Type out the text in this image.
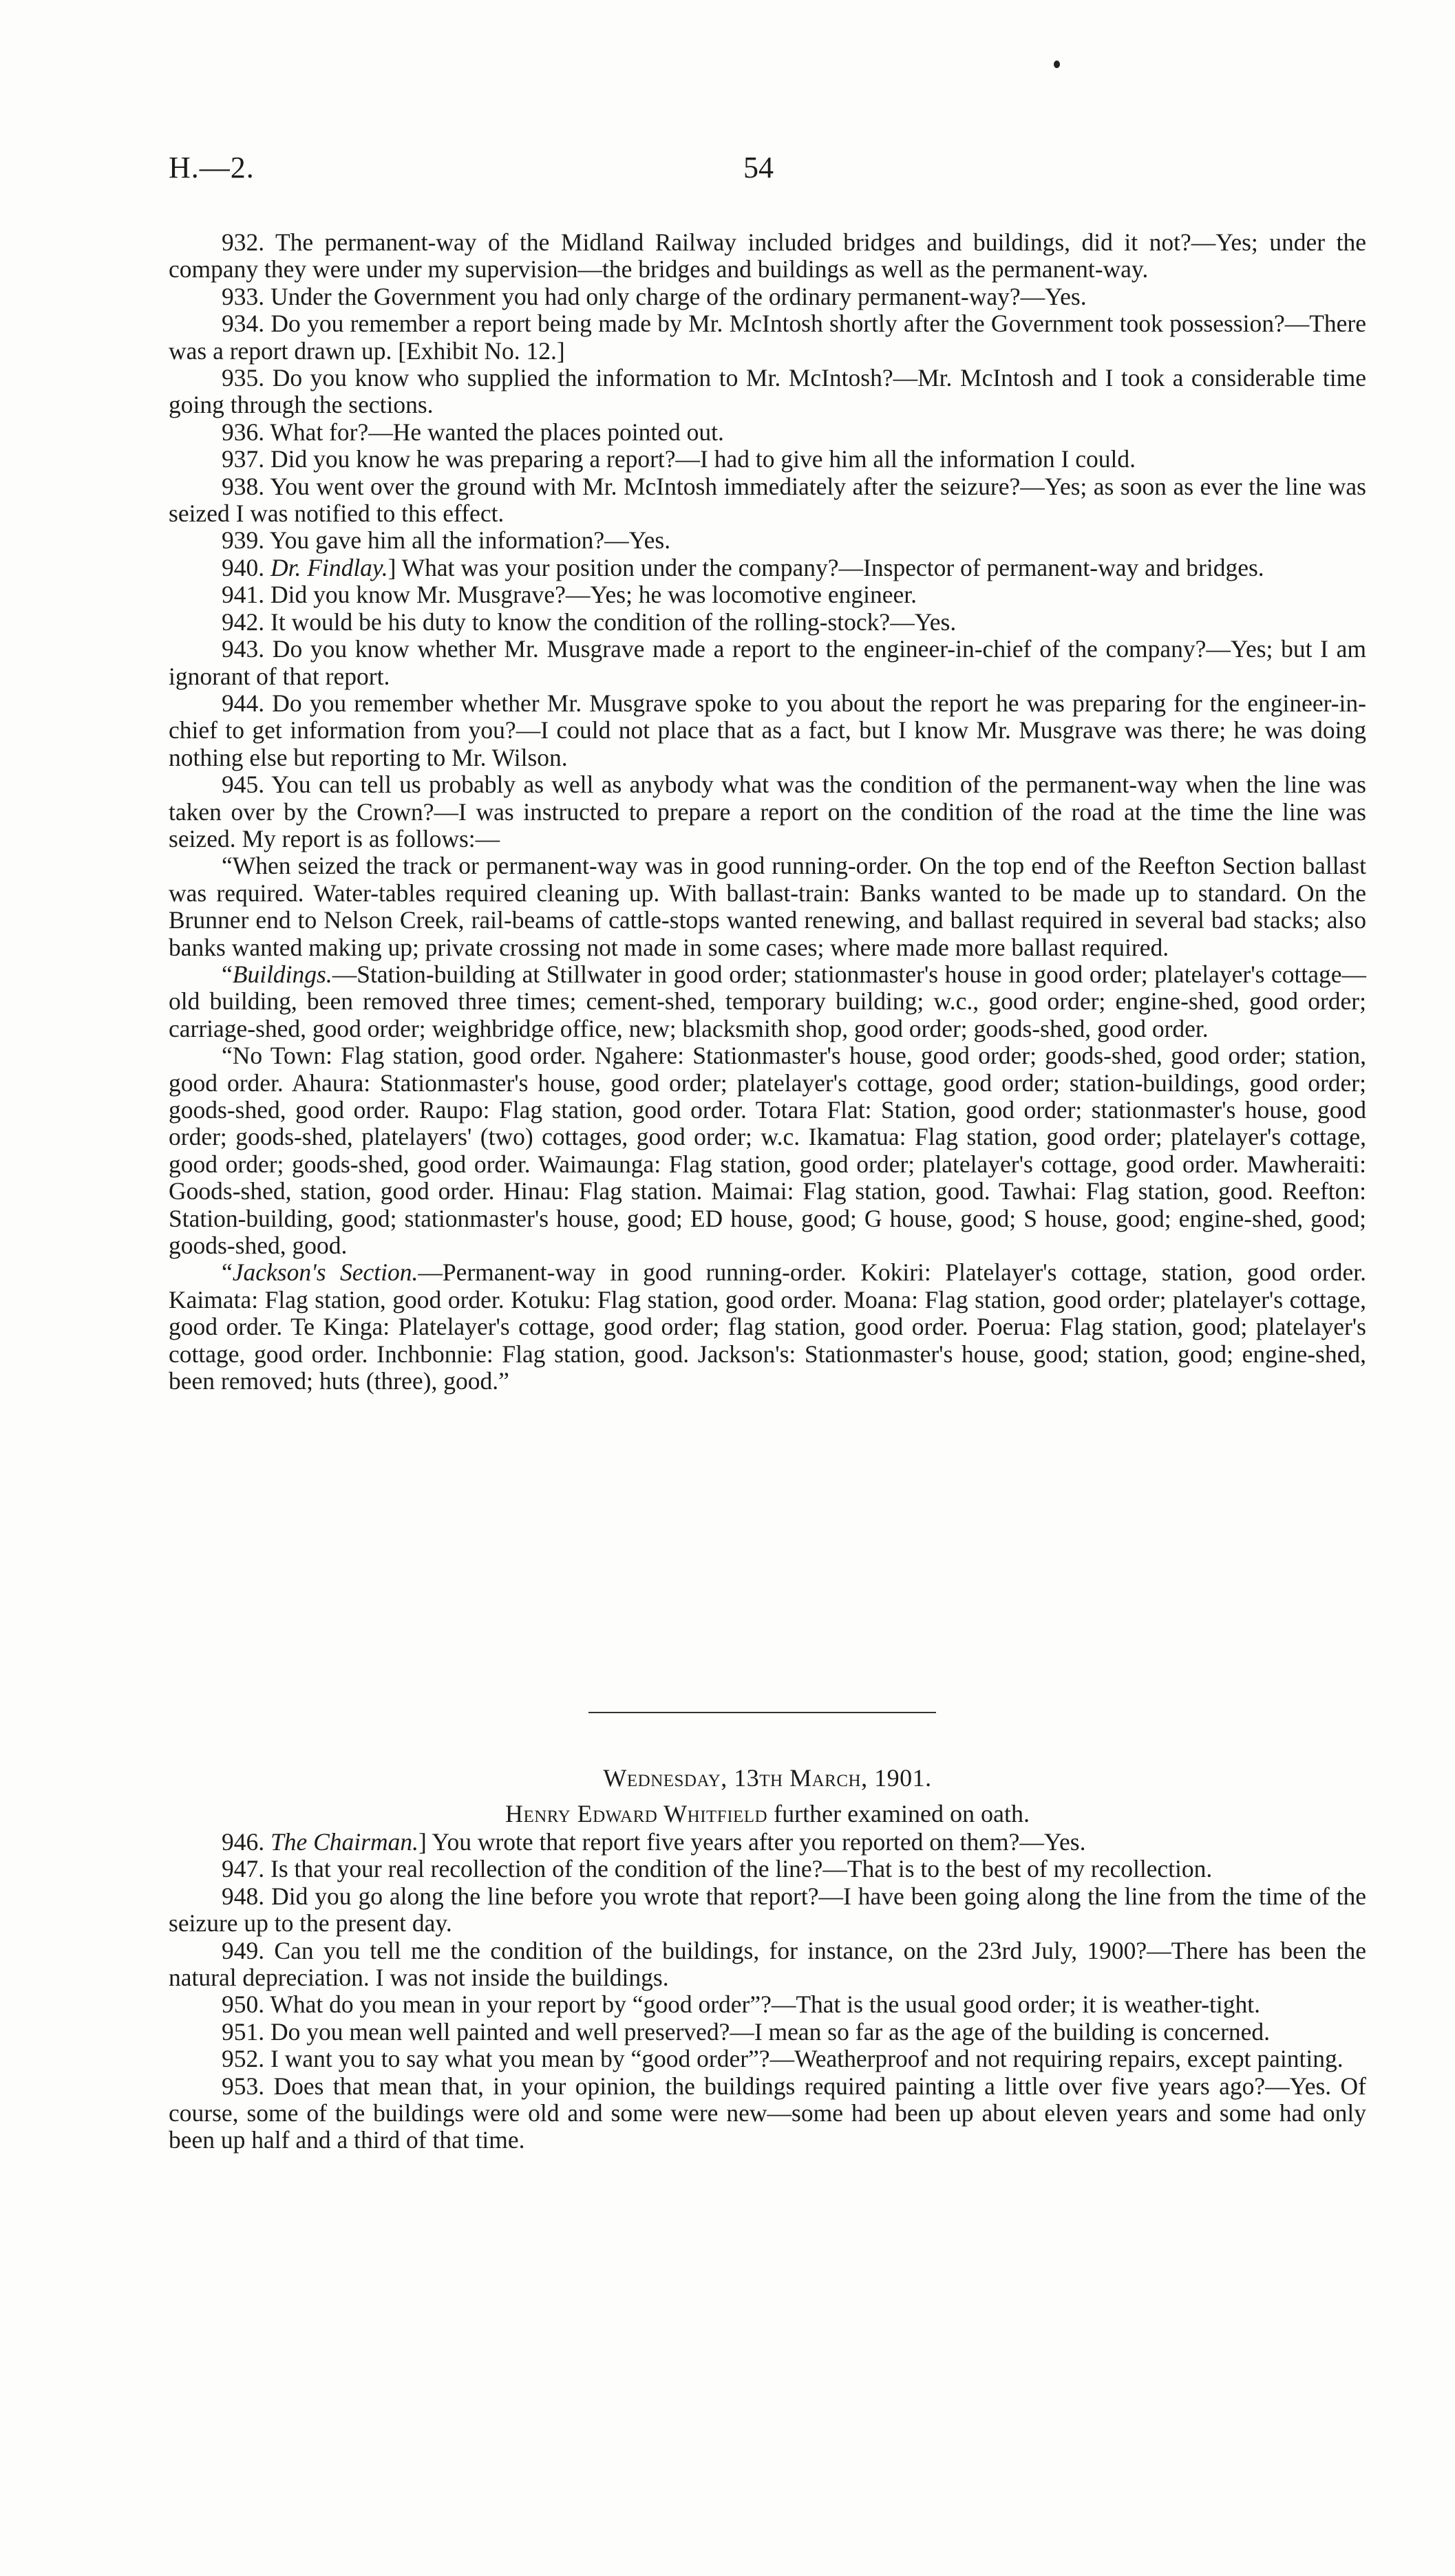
H.—2.	54

932. The permanent-way of the Midland Railway included bridges and buildings, did it not?—Yes; under the company they were under my supervision—the bridges and buildings as well as the permanent-way.

933. Under the Government you had only charge of the ordinary permanent-way?—Yes.

934. Do you remember a report being made by Mr. McIntosh shortly after the Government took possession?—There was a report drawn up. [Exhibit No. 12.]

935. Do you know who supplied the information to Mr. McIntosh?—Mr. McIntosh and I took a considerable time going through the sections.

936. What for?—He wanted the places pointed out.

937. Did you know he was preparing a report?—I had to give him all the information I could.

938. You went over the ground with Mr. McIntosh immediately after the seizure?—Yes; as soon as ever the line was seized I was notified to this effect.

939. You gave him all the information?—Yes.

940. Dr. Findlay.] What was your position under the company?—Inspector of permanent-way and bridges.

941. Did you know Mr. Musgrave?—Yes; he was locomotive engineer.

942. It would be his duty to know the condition of the rolling-stock?—Yes.

943. Do you know whether Mr. Musgrave made a report to the engineer-in-chief of the company?—Yes; but I am ignorant of that report.

944. Do you remember whether Mr. Musgrave spoke to you about the report he was preparing for the engineer-in-chief to get information from you?—I could not place that as a fact, but I know Mr. Musgrave was there; he was doing nothing else but reporting to Mr. Wilson.

945. You can tell us probably as well as anybody what was the condition of the permanent-way when the line was taken over by the Crown?—I was instructed to prepare a report on the condition of the road at the time the line was seized. My report is as follows:—

“When seized the track or permanent-way was in good running-order. On the top end of the Reefton Section ballast was required. Water-tables required cleaning up. With ballast-train: Banks wanted to be made up to standard. On the Brunner end to Nelson Creek, rail-beams of cattle-stops wanted renewing, and ballast required in several bad stacks; also banks wanted making up; private crossing not made in some cases; where made more ballast required.

“Buildings.—Station-building at Stillwater in good order; stationmaster's house in good order; platelayer's cottage—old building, been removed three times; cement-shed, temporary building; w.c., good order; engine-shed, good order; carriage-shed, good order; weighbridge office, new; blacksmith shop, good order; goods-shed, good order.

“No Town: Flag station, good order. Ngahere: Stationmaster's house, good order; goods-shed, good order; station, good order. Ahaura: Stationmaster's house, good order; platelayer's cottage, good order; station-buildings, good order; goods-shed, good order. Raupo: Flag station, good order. Totara Flat: Station, good order; stationmaster's house, good order; goods-shed, platelayers' (two) cottages, good order; w.c. Ikamatua: Flag station, good order; platelayer's cottage, good order; goods-shed, good order. Waimaunga: Flag station, good order; platelayer's cottage, good order. Mawheraiti: Goods-shed, station, good order. Hinau: Flag station. Maimai: Flag station, good. Tawhai: Flag station, good. Reefton: Station-building, good; stationmaster's house, good; ED house, good; G house, good; S house, good; engine-shed, good; goods-shed, good.

“Jackson's Section.—Permanent-way in good running-order. Kokiri: Platelayer's cottage, station, good order. Kaimata: Flag station, good order. Kotuku: Flag station, good order. Moana: Flag station, good order; platelayer's cottage, good order. Te Kinga: Platelayer's cottage, good order; flag station, good order. Poerua: Flag station, good; platelayer's cottage, good order. Inchbonnie: Flag station, good. Jackson's: Stationmaster's house, good; station, good; engine-shed, been removed; huts (three), good.”

Wednesday, 13th March, 1901.
Henry Edward Whitfield further examined on oath.

946. The Chairman.] You wrote that report five years after you reported on them?—Yes.

947. Is that your real recollection of the condition of the line?—That is to the best of my recollection.

948. Did you go along the line before you wrote that report?—I have been going along the line from the time of the seizure up to the present day.

949. Can you tell me the condition of the buildings, for instance, on the 23rd July, 1900?—There has been the natural depreciation. I was not inside the buildings.

950. What do you mean in your report by “good order”?—That is the usual good order; it is weather-tight.

951. Do you mean well painted and well preserved?—I mean so far as the age of the building is concerned.

952. I want you to say what you mean by “good order”?—Weatherproof and not requiring repairs, except painting.

953. Does that mean that, in your opinion, the buildings required painting a little over five years ago?—Yes. Of course, some of the buildings were old and some were new—some had been up about eleven years and some had only been up half and a third of that time.
